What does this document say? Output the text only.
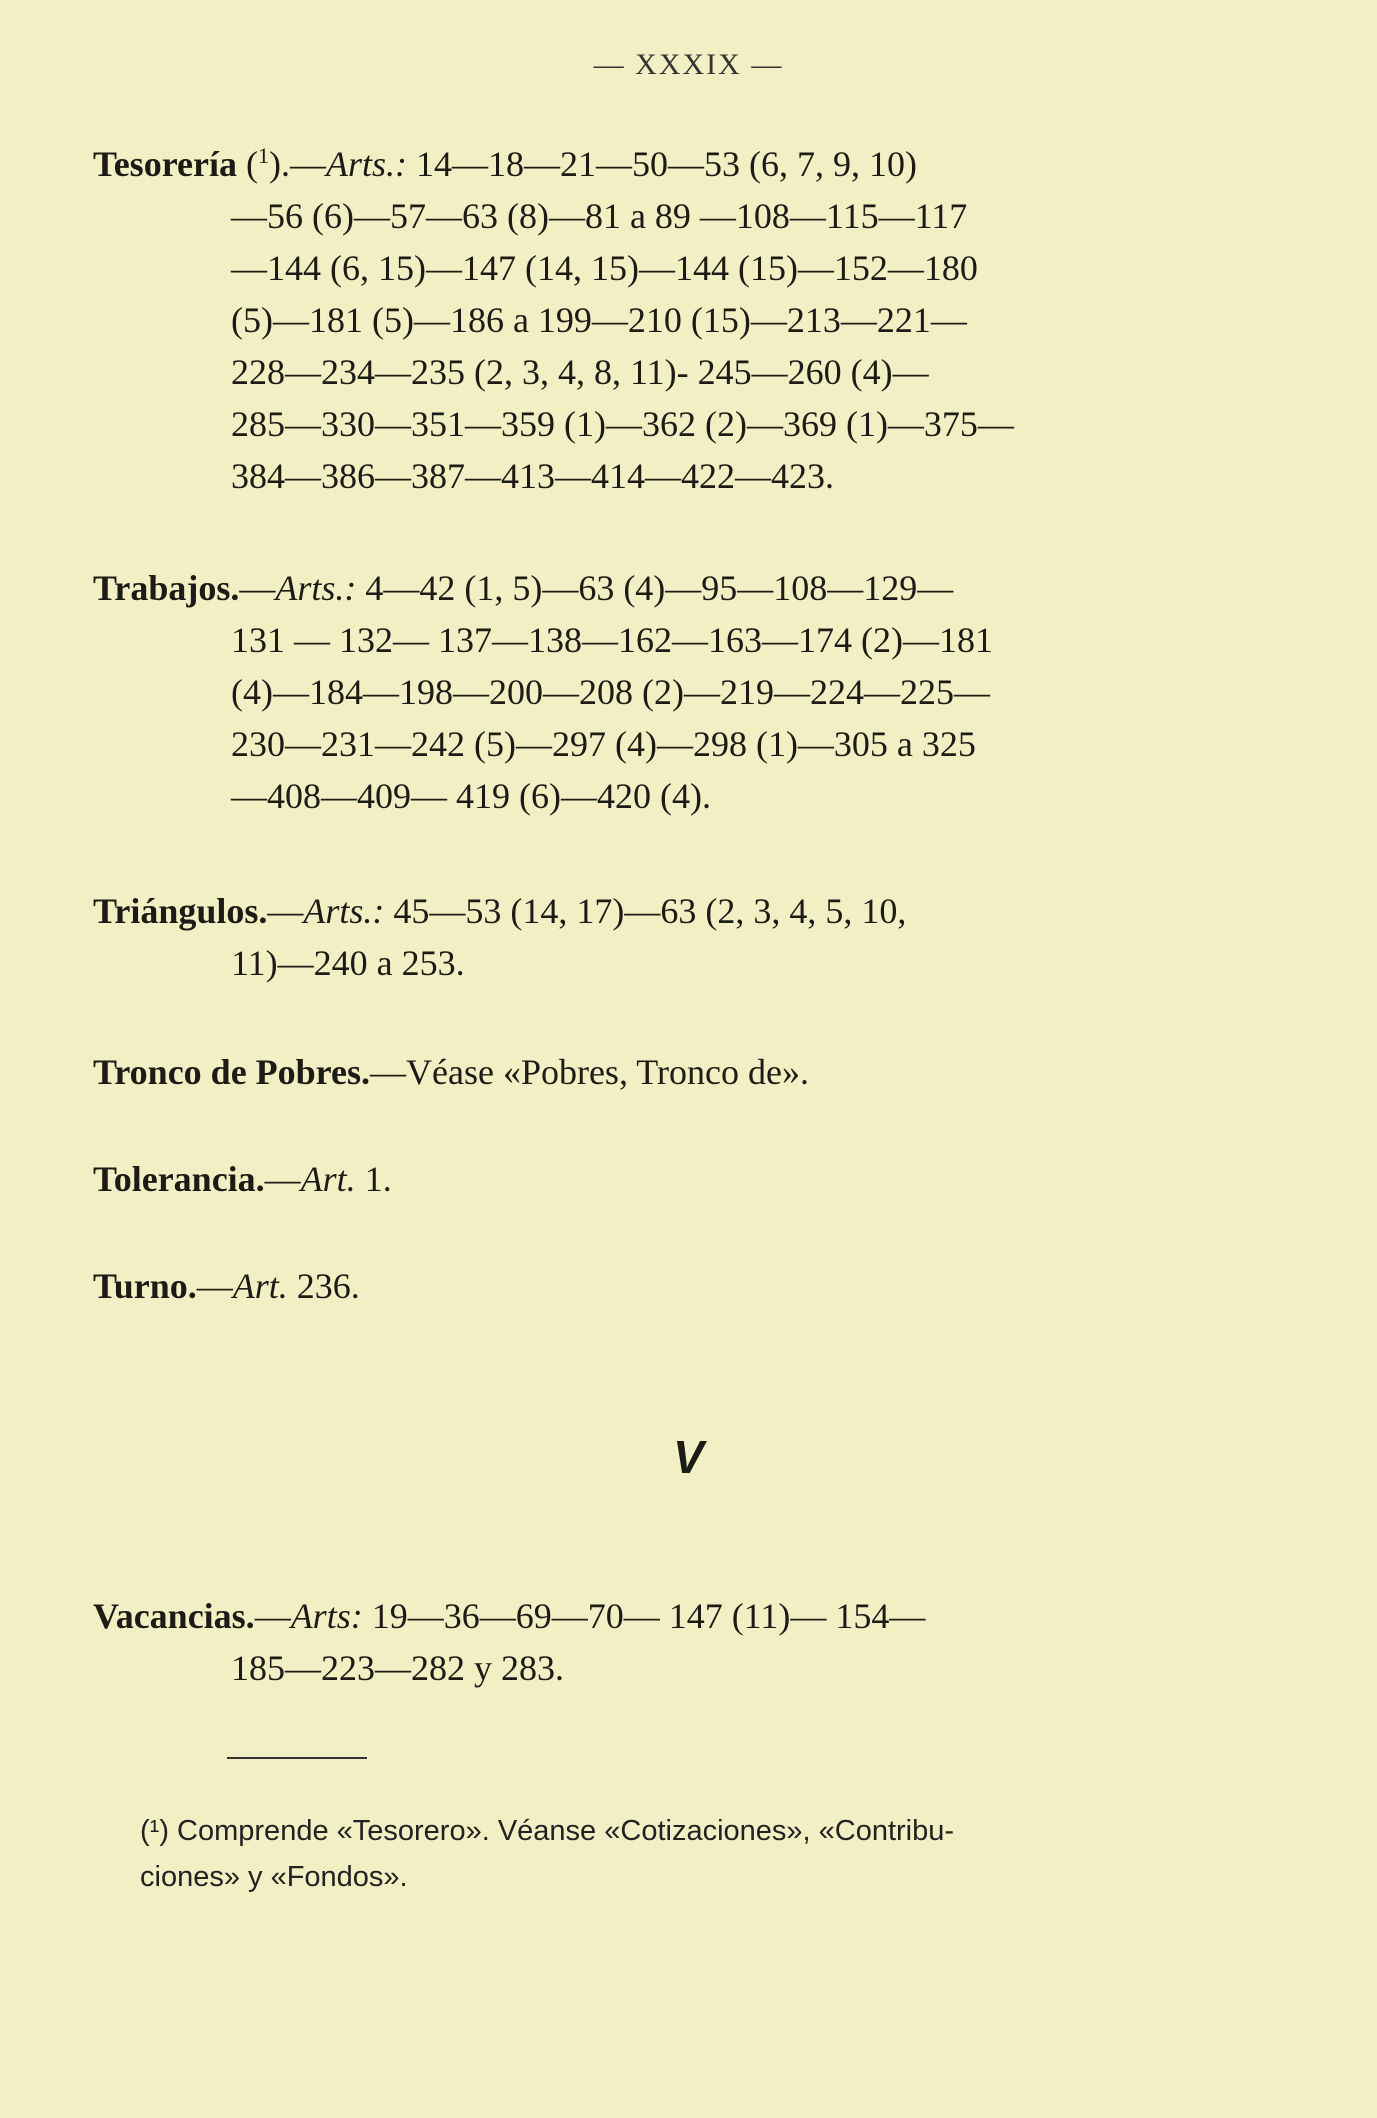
— XXXIX —
Tesorería ($^1$).—Arts.: 14—18—21—50—53 (6, 7, 9, 10)
—56 (6)—57—63 (8)—81 a 89 —108—115—117
—144 (6, 15)—147 (14, 15)—144 (15)—152—180
(5)—181 (5)—186 a 199—210 (15)—213—221—
228—234—235 (2, 3, 4, 8, 11)- 245—260 (4)—
285—330—351—359 (1)—362 (2)—369 (1)—375—
384—386—387—413—414—422—423.
Trabajos.—Arts.: 4—42 (1, 5)—63 (4)—95—108—129—
131 — 132— 137—138—162—163—174 (2)—181
(4)—184—198—200—208 (2)—219—224—225—
230—231—242 (5)—297 (4)—298 (1)—305 a 325
—408—409— 419 (6)—420 (4).
Triángulos.—Arts.: 45—53 (14, 17)—63 (2, 3, 4, 5, 10,
11)—240 a 253.
Tronco de Pobres.—Véase «Pobres, Tronco de».
Tolerancia.—Art. 1.
Turno.—Art. 236.
V
Vacancias.—Arts: 19—36—69—70— 147 (11)— 154—
185—223—282 y 283.
(¹) Comprende «Tesorero». Véanse «Cotizaciones», «Contribu-
ciones» y «Fondos».
